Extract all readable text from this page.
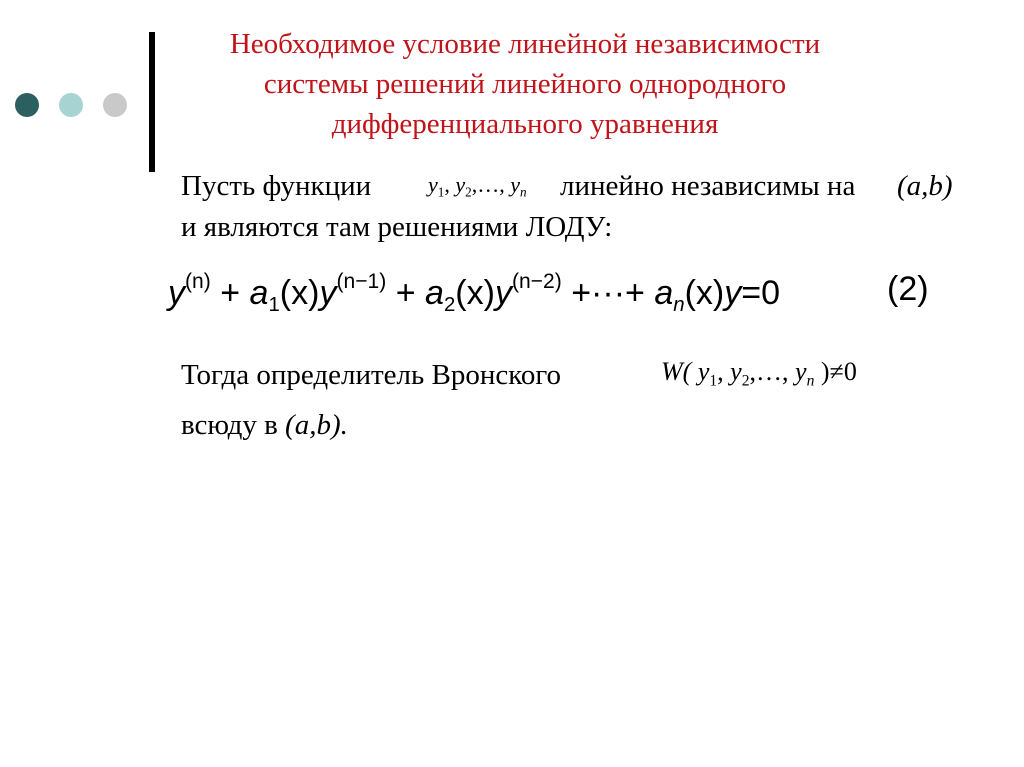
Необходимое условие линейной независимости
системы решений линейного однородного
дифференциального уравнения
Пусть функции	$y_1$, $y_2,\dots$, $y_n$ линейно независимы на (a,b)
и являются там решениями ЛОДУ:
$y^{(n)} + a_1(x)y^{(n-1)} + a_2(x)y^{(n-2)}$ +···+ $a_n(x)y=0$	(2)
Тогда определитель Вронского	W( $y_1$, $y_2,\dots$, $y_n$ )≠0
всюду в (a,b).
